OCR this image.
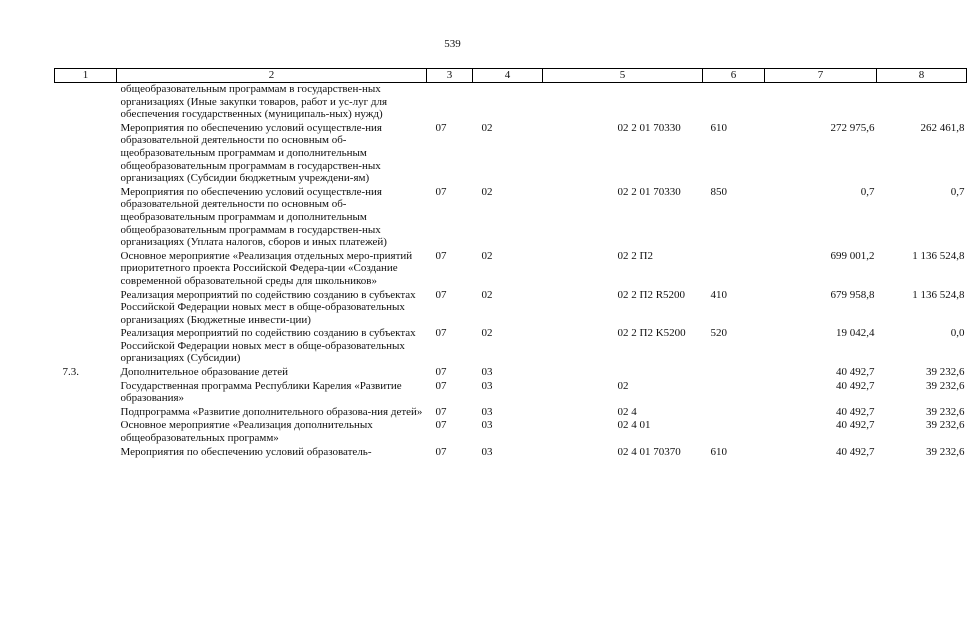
539
1	2	3	4	5	6	7	8
	общеобразовательным программам в государствен-ных организациях (Иные закупки товаров, работ и ус-луг для обеспечения государственных (муниципаль-ных) нужд)						
	Мероприятия по обеспечению условий осуществле-ния образовательной деятельности по основным об-щеобразовательным программам и дополнительным общеобразовательным программам в государствен-ных организациях (Субсидии бюджетным учреждени-ям)	07	02	02 2 01 70330	610	272 975,6	262 461,8
	Мероприятия по обеспечению условий осуществле-ния образовательной деятельности по основным об-щеобразовательным программам и дополнительным общеобразовательным программам в государствен-ных организациях (Уплата налогов, сборов и иных платежей)	07	02	02 2 01 70330	850	0,7	0,7
	Основное мероприятие «Реализация отдельных меро-приятий приоритетного проекта Российской Федера-ции «Создание современной образовательной среды для школьников»	07	02	02 2 П2		699 001,2	1 136 524,8
	Реализация мероприятий по содействию созданию в субъектах Российской Федерации новых мест в обще-образовательных организациях (Бюджетные инвести-ции)	07	02	02 2 П2 R5200	410	679 958,8	1 136 524,8
	Реализация мероприятий по содействию созданию в субъектах Российской Федерации новых мест в обще-образовательных организациях (Субсидии)	07	02	02 2 П2 K5200	520	19 042,4	0,0
7.3.	Дополнительное образование детей	07	03			40 492,7	39 232,6
	Государственная программа Республики Карелия «Развитие образования»	07	03	02		40 492,7	39 232,6
	Подпрограмма «Развитие дополнительного образова-ния детей»	07	03	02 4		40 492,7	39 232,6
	Основное мероприятие «Реализация дополнительных общеобразовательных программ»	07	03	02 4 01		40 492,7	39 232,6
	Мероприятия по обеспечению условий образователь-	07	03	02 4 01 70370	610	40 492,7	39 232,6
